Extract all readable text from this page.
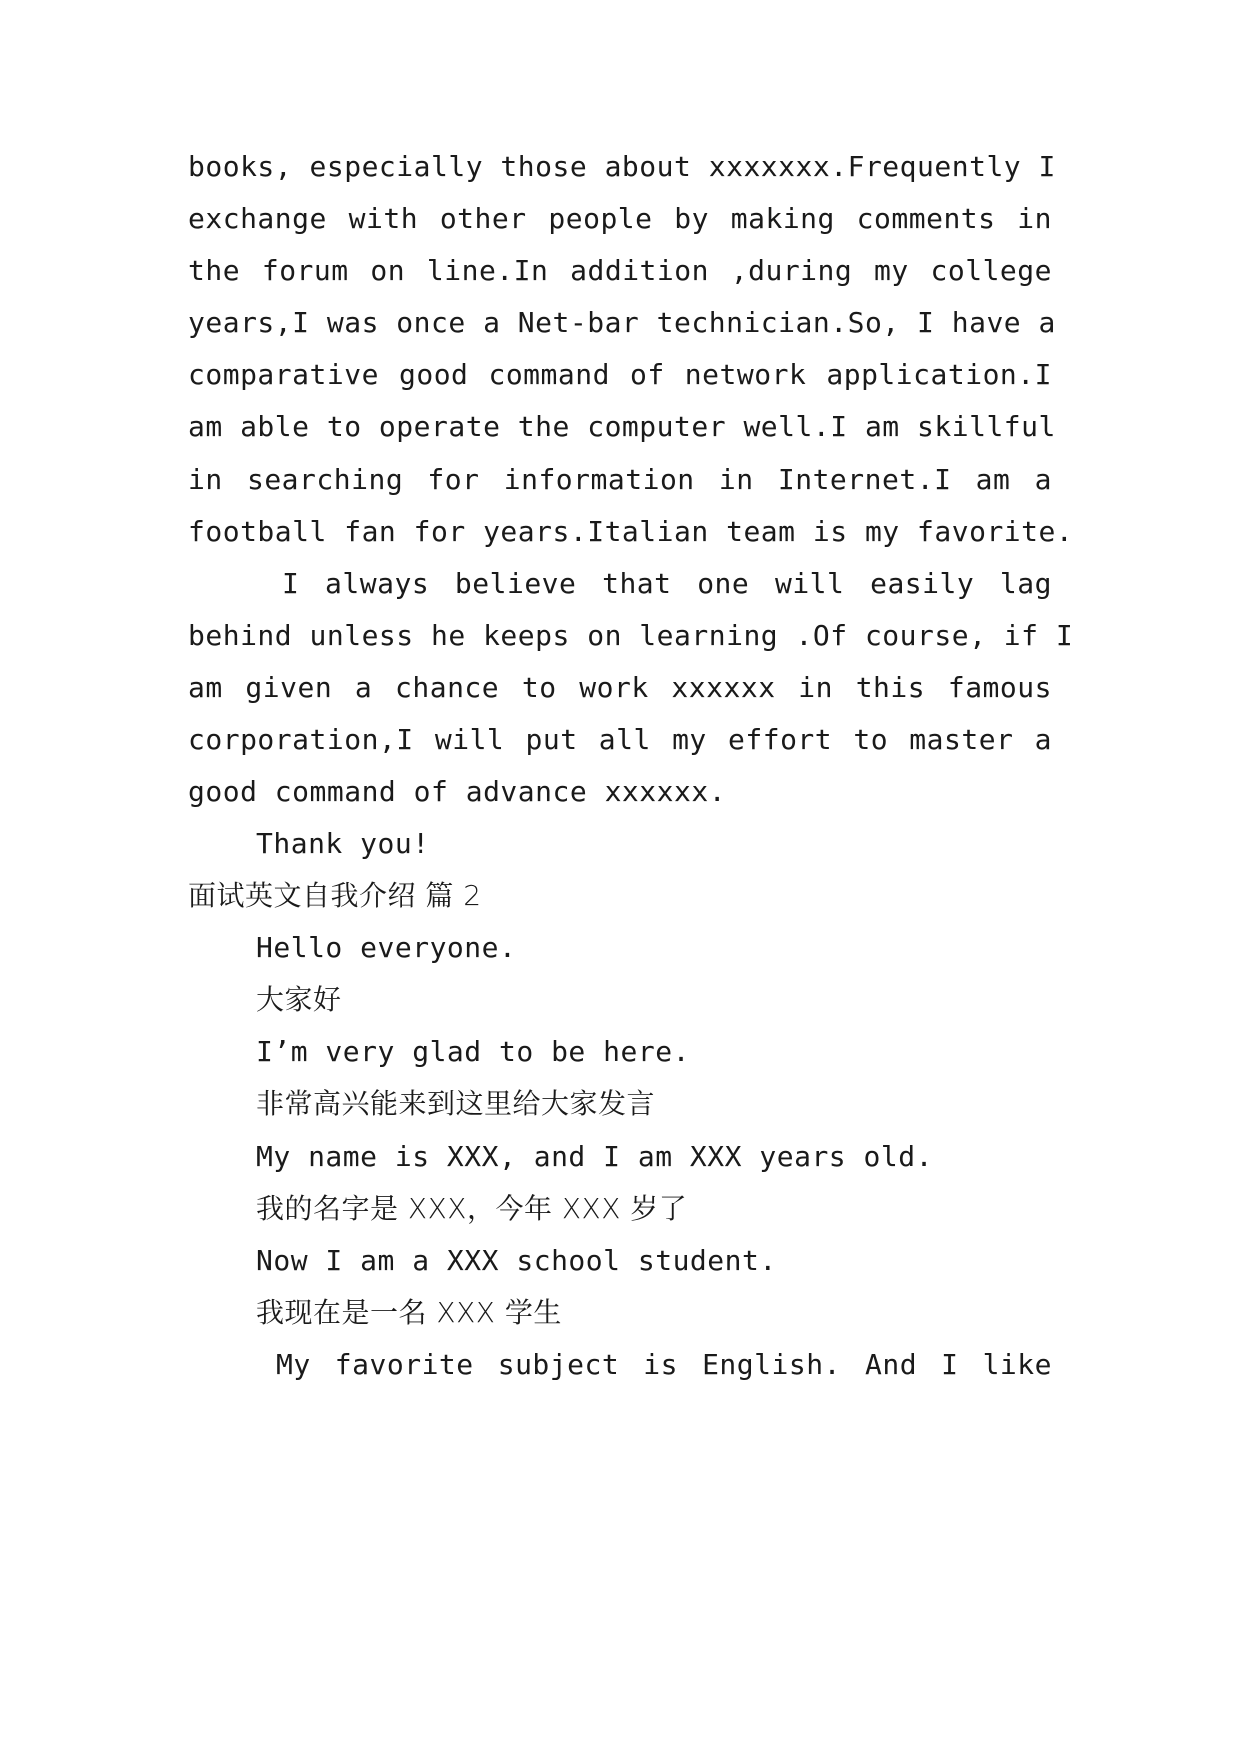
books, especially those about xxxxxxx.Frequently I
exchange with other people by making comments in
the forum on line.In addition ,during my college
years,I was once a Net-bar technician.So, I have a
comparative good command of network application.I
am able to operate the computer well.I am skillful
in searching for information in Internet.I am a
football fan for years.Italian team is my favorite.
I always believe that one will easily lag
behind unless he keeps on learning .Of course, if I
am given a chance to work xxxxxx in this famous
corporation,I will put all my effort to master a
good command of advance xxxxxx.
Thank you!
面试英文自我介绍 篇 2
Hello everyone.
大家好
I’m very glad to be here.
非常高兴能来到这里给大家发言
My name is XXX, and I am XXX years old.
我的名字是 XXX，今年 XXX 岁了
Now I am a XXX school student.
我现在是一名 XXX 学生
My favorite subject is English. And I like
